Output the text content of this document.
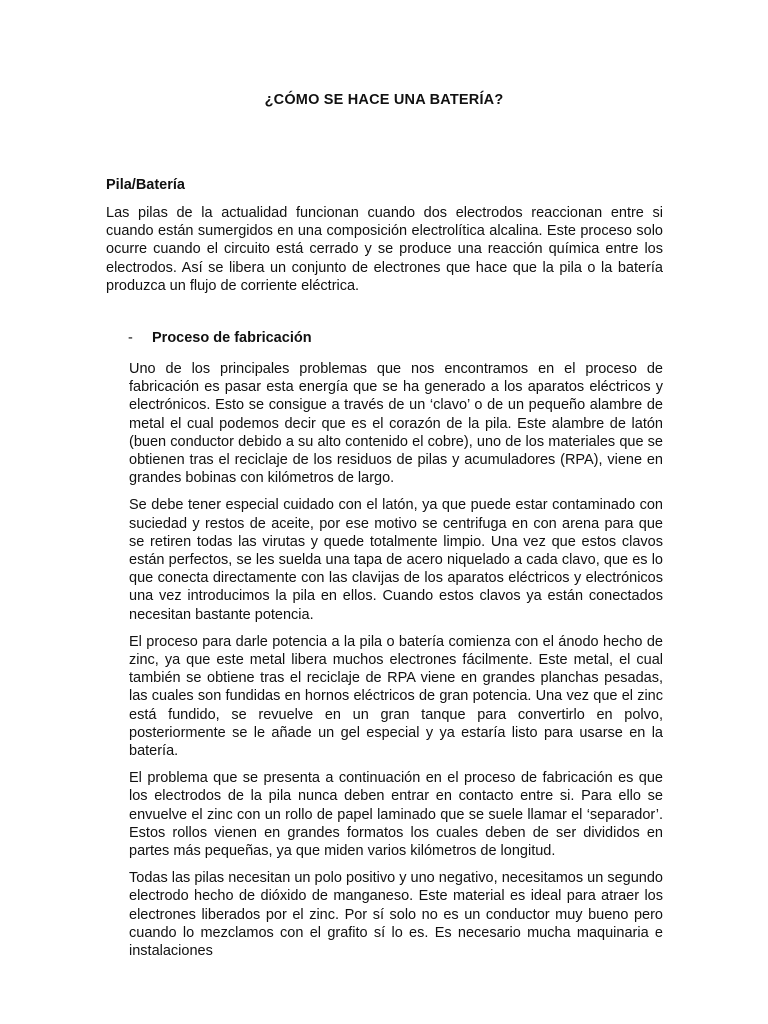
¿CÓMO SE HACE UNA BATERÍA?
Pila/Batería

Las pilas de la actualidad funcionan cuando dos electrodos reaccionan entre si cuando están sumergidos en una composición electrolítica alcalina. Este proceso solo ocurre cuando el circuito está cerrado y se produce una reacción química entre los electrodos. Así se libera un conjunto de electrones que hace que la pila o la batería produzca un flujo de corriente eléctrica.

-	Proceso de fabricación

Uno de los principales problemas que nos encontramos en el proceso de fabricación es pasar esta energía que se ha generado a los aparatos eléctricos y electrónicos. Esto se consigue a través de un ‘clavo’ o de un pequeño alambre de metal el cual podemos decir que es el corazón de la pila. Este alambre de latón (buen conductor debido a su alto contenido el cobre), uno de los materiales que se obtienen tras el reciclaje de los residuos de pilas y acumuladores (RPA), viene en grandes bobinas con kilómetros de largo.

Se debe tener especial cuidado con el latón, ya que puede estar contaminado con suciedad y restos de aceite, por ese motivo se centrifuga en con arena para que se retiren todas las virutas y quede totalmente limpio. Una vez que estos clavos están perfectos, se les suelda una tapa de acero niquelado a cada clavo, que es lo que conecta directamente con las clavijas de los aparatos eléctricos y electrónicos una vez introducimos la pila en ellos. Cuando estos clavos ya están conectados necesitan bastante potencia.

El proceso para darle potencia a la pila o batería comienza con el ánodo hecho de zinc, ya que este metal libera muchos electrones fácilmente. Este metal, el cual también se obtiene tras el reciclaje de RPA viene en grandes planchas pesadas, las cuales son fundidas en hornos eléctricos de gran potencia. Una vez que el zinc está fundido, se revuelve en un gran tanque para convertirlo en polvo, posteriormente se le añade un gel especial y ya estaría listo para usarse en la batería.

El problema que se presenta a continuación en el proceso de fabricación es que los electrodos de la pila nunca deben entrar en contacto entre si. Para ello se envuelve el zinc con un rollo de papel laminado que se suele llamar el ‘separador’. Estos rollos vienen en grandes formatos los cuales deben de ser divididos en partes más pequeñas, ya que miden varios kilómetros de longitud.

Todas las pilas necesitan un polo positivo y uno negativo, necesitamos un segundo electrodo hecho de dióxido de manganeso. Este material es ideal para atraer los electrones liberados por el zinc. Por sí solo no es un conductor muy bueno pero cuando lo mezclamos con el grafito sí lo es. Es necesario mucha maquinaria e instalaciones
